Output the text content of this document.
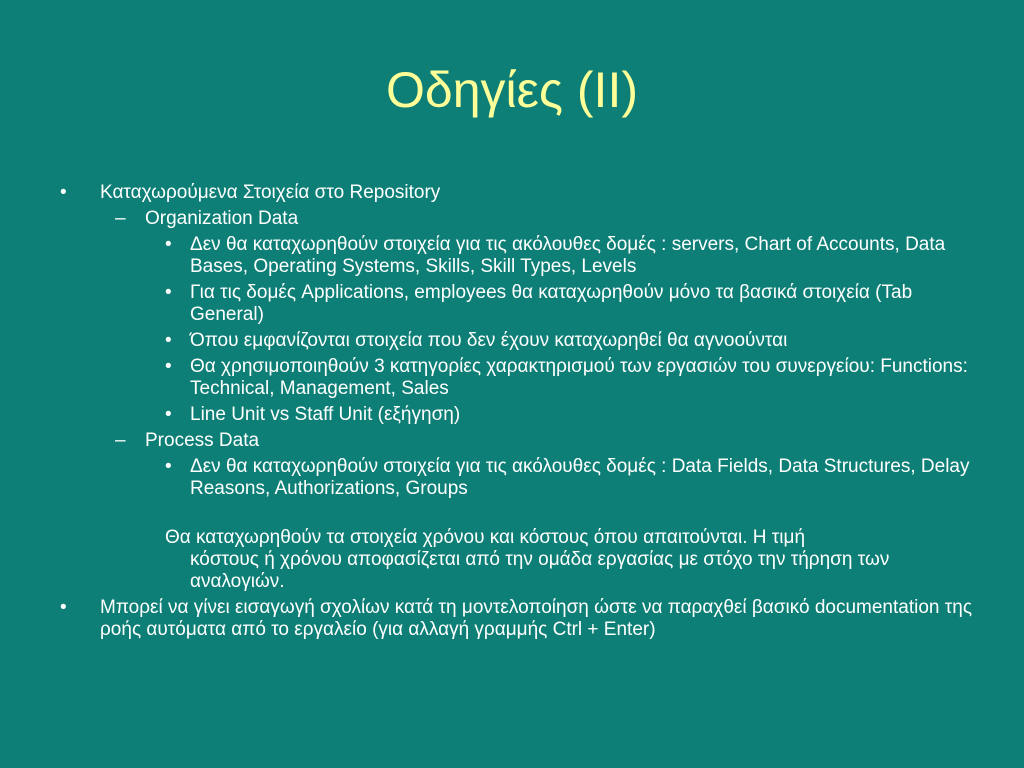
Οδηγίες (ΙΙ)
• Καταχωρούμενα Στοιχεία στο Repository
– Organization Data
• Δεν θα καταχωρηθούν στοιχεία για τις ακόλουθες δομές : servers, Chart of Accounts, Data Bases, Operating Systems, Skills, Skill Types, Levels
• Για τις δομές Applications, employees θα καταχωρηθούν μόνο τα βασικά στοιχεία (Tab General)
• Όπου εμφανίζονται στοιχεία που δεν έχουν καταχωρηθεί θα αγνοούνται
• Θα χρησιμοποιηθούν 3 κατηγορίες χαρακτηρισμού των εργασιών του συνεργείου: Functions: Technical, Management, Sales
• Line Unit vs Staff Unit (εξήγηση)
– Process Data
• Δεν θα καταχωρηθούν στοιχεία για τις ακόλουθες δομές : Data Fields, Data Structures, Delay Reasons, Authorizations, Groups
Θα καταχωρηθούν τα στοιχεία χρόνου και κόστους όπου απαιτούνται. Η τιμή
κόστους ή χρόνου αποφασίζεται από την ομάδα εργασίας με στόχο την τήρηση των αναλογιών.
• Μπορεί να γίνει εισαγωγή σχολίων κατά τη μοντελοποίηση ώστε να παραχθεί βασικό documentation της ροής αυτόματα από το εργαλείο (για αλλαγή γραμμής Ctrl + Enter)
